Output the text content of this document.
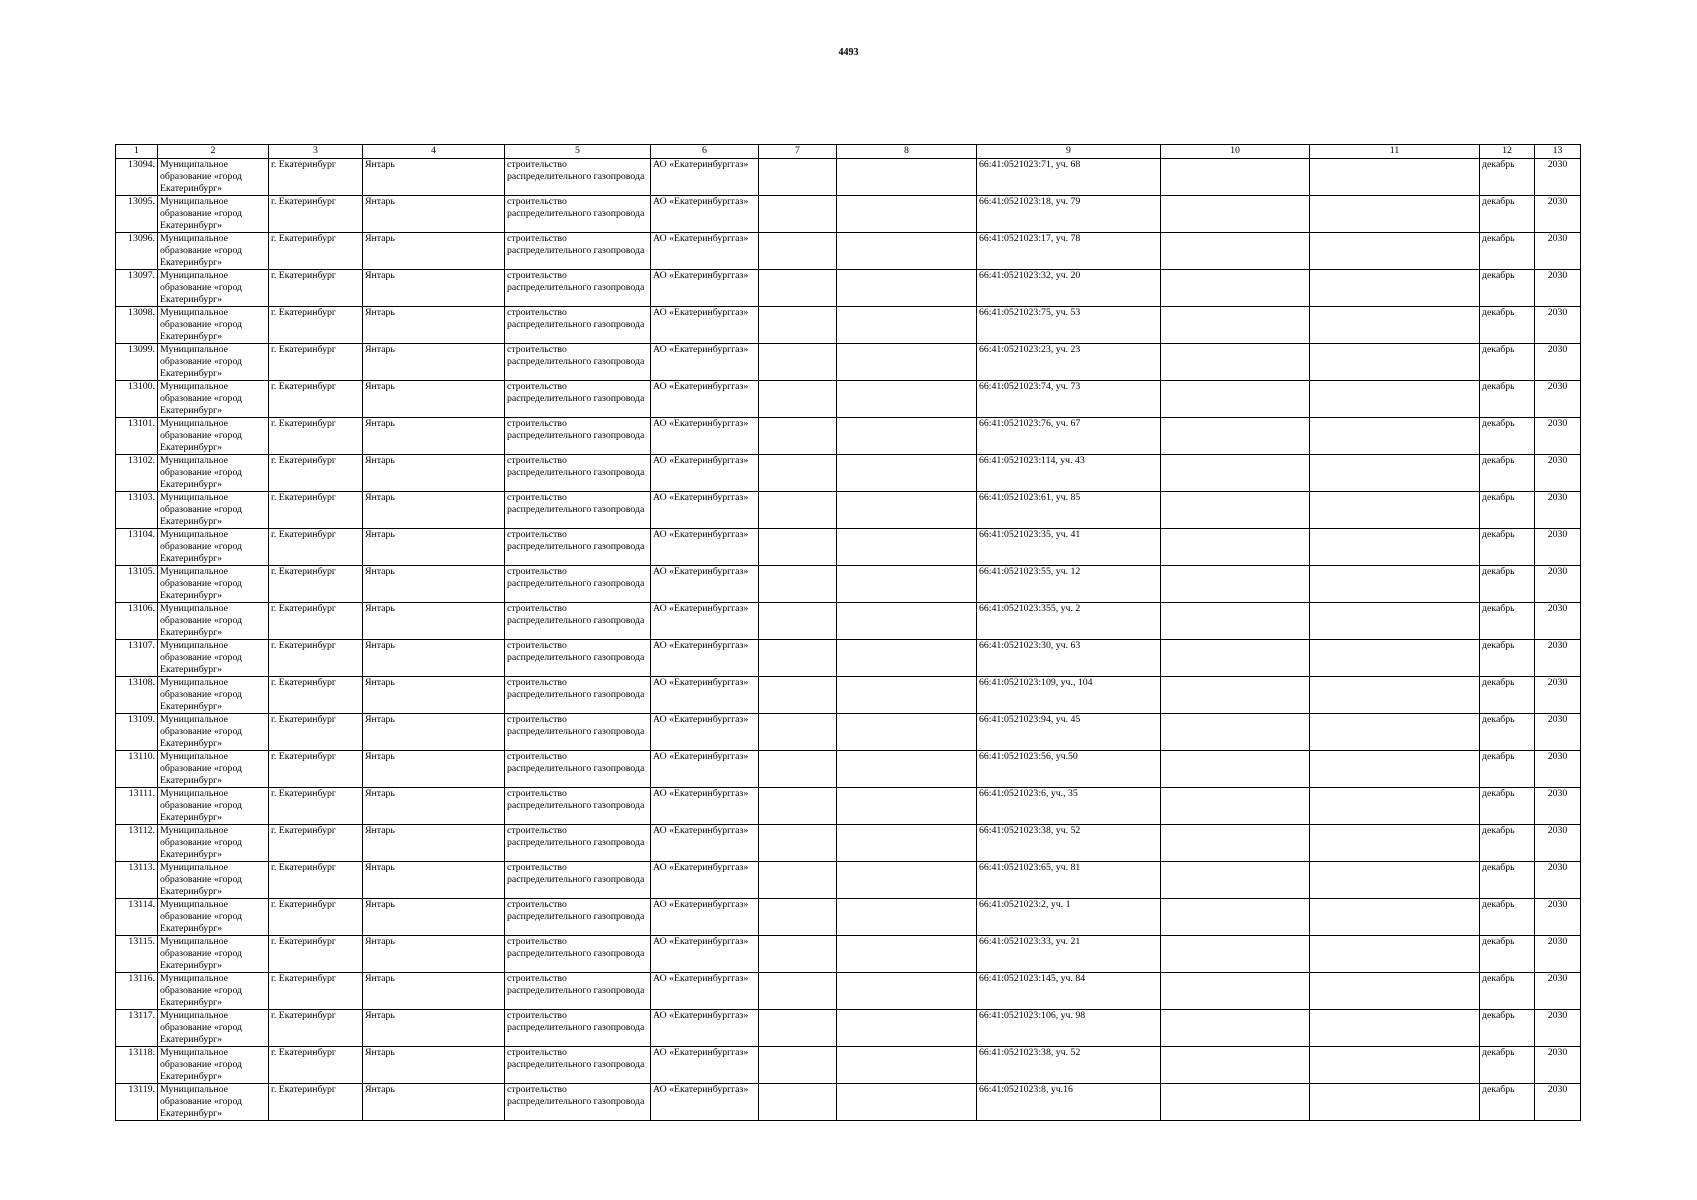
4493
1	2	3	4	5	6	7	8	9	10	11	12	13
13094.	Муниципальное образование «город Екатеринбург»	г. Екатеринбург	Янтарь	строительство распределительного газопровода	АО «Екатеринбурггаз»			66:41:0521023:71, уч. 68			декабрь	2030
13095.	Муниципальное образование «город Екатеринбург»	г. Екатеринбург	Янтарь	строительство распределительного газопровода	АО «Екатеринбурггаз»			66:41:0521023:18, уч. 79			декабрь	2030
13096.	Муниципальное образование «город Екатеринбург»	г. Екатеринбург	Янтарь	строительство распределительного газопровода	АО «Екатеринбурггаз»			66:41:0521023:17, уч. 78			декабрь	2030
13097.	Муниципальное образование «город Екатеринбург»	г. Екатеринбург	Янтарь	строительство распределительного газопровода	АО «Екатеринбурггаз»			66:41:0521023:32, уч. 20			декабрь	2030
13098.	Муниципальное образование «город Екатеринбург»	г. Екатеринбург	Янтарь	строительство распределительного газопровода	АО «Екатеринбурггаз»			66:41:0521023:75, уч. 53			декабрь	2030
13099.	Муниципальное образование «город Екатеринбург»	г. Екатеринбург	Янтарь	строительство распределительного газопровода	АО «Екатеринбурггаз»			66:41:0521023:23, уч. 23			декабрь	2030
13100.	Муниципальное образование «город Екатеринбург»	г. Екатеринбург	Янтарь	строительство распределительного газопровода	АО «Екатеринбурггаз»			66:41:0521023:74, уч. 73			декабрь	2030
13101.	Муниципальное образование «город Екатеринбург»	г. Екатеринбург	Янтарь	строительство распределительного газопровода	АО «Екатеринбурггаз»			66:41:0521023:76, уч. 67			декабрь	2030
13102.	Муниципальное образование «город Екатеринбург»	г. Екатеринбург	Янтарь	строительство распределительного газопровода	АО «Екатеринбурггаз»			66:41:0521023:114, уч. 43			декабрь	2030
13103.	Муниципальное образование «город Екатеринбург»	г. Екатеринбург	Янтарь	строительство распределительного газопровода	АО «Екатеринбурггаз»			66:41:0521023:61, уч. 85			декабрь	2030
13104.	Муниципальное образование «город Екатеринбург»	г. Екатеринбург	Янтарь	строительство распределительного газопровода	АО «Екатеринбурггаз»			66:41:0521023:35, уч. 41			декабрь	2030
13105.	Муниципальное образование «город Екатеринбург»	г. Екатеринбург	Янтарь	строительство распределительного газопровода	АО «Екатеринбурггаз»			66:41:0521023:55, уч. 12			декабрь	2030
13106.	Муниципальное образование «город Екатеринбург»	г. Екатеринбург	Янтарь	строительство распределительного газопровода	АО «Екатеринбурггаз»			66:41:0521023:355, уч. 2			декабрь	2030
13107.	Муниципальное образование «город Екатеринбург»	г. Екатеринбург	Янтарь	строительство распределительного газопровода	АО «Екатеринбурггаз»			66:41:0521023:30, уч. 63			декабрь	2030
13108.	Муниципальное образование «город Екатеринбург»	г. Екатеринбург	Янтарь	строительство распределительного газопровода	АО «Екатеринбурггаз»			66:41:0521023:109, уч., 104			декабрь	2030
13109.	Муниципальное образование «город Екатеринбург»	г. Екатеринбург	Янтарь	строительство распределительного газопровода	АО «Екатеринбурггаз»			66:41:0521023:94, уч. 45			декабрь	2030
13110.	Муниципальное образование «город Екатеринбург»	г. Екатеринбург	Янтарь	строительство распределительного газопровода	АО «Екатеринбурггаз»			66:41:0521023:56, уч.50			декабрь	2030
13111.	Муниципальное образование «город Екатеринбург»	г. Екатеринбург	Янтарь	строительство распределительного газопровода	АО «Екатеринбурггаз»			66:41:0521023:6, уч., 35			декабрь	2030
13112.	Муниципальное образование «город Екатеринбург»	г. Екатеринбург	Янтарь	строительство распределительного газопровода	АО «Екатеринбурггаз»			66:41:0521023:38, уч. 52			декабрь	2030
13113.	Муниципальное образование «город Екатеринбург»	г. Екатеринбург	Янтарь	строительство распределительного газопровода	АО «Екатеринбурггаз»			66:41:0521023:65, уч. 81			декабрь	2030
13114.	Муниципальное образование «город Екатеринбург»	г. Екатеринбург	Янтарь	строительство распределительного газопровода	АО «Екатеринбурггаз»			66:41:0521023:2, уч. 1			декабрь	2030
13115.	Муниципальное образование «город Екатеринбург»	г. Екатеринбург	Янтарь	строительство распределительного газопровода	АО «Екатеринбурггаз»			66:41:0521023:33, уч. 21			декабрь	2030
13116.	Муниципальное образование «город Екатеринбург»	г. Екатеринбург	Янтарь	строительство распределительного газопровода	АО «Екатеринбурггаз»			66:41:0521023:145, уч. 84			декабрь	2030
13117.	Муниципальное образование «город Екатеринбург»	г. Екатеринбург	Янтарь	строительство распределительного газопровода	АО «Екатеринбурггаз»			66:41:0521023:106, уч. 98			декабрь	2030
13118.	Муниципальное образование «город Екатеринбург»	г. Екатеринбург	Янтарь	строительство распределительного газопровода	АО «Екатеринбурггаз»			66:41:0521023:38, уч. 52			декабрь	2030
13119.	Муниципальное образование «город Екатеринбург»	г. Екатеринбург	Янтарь	строительство распределительного газопровода	АО «Екатеринбурггаз»			66:41:0521023:8, уч.16			декабрь	2030
